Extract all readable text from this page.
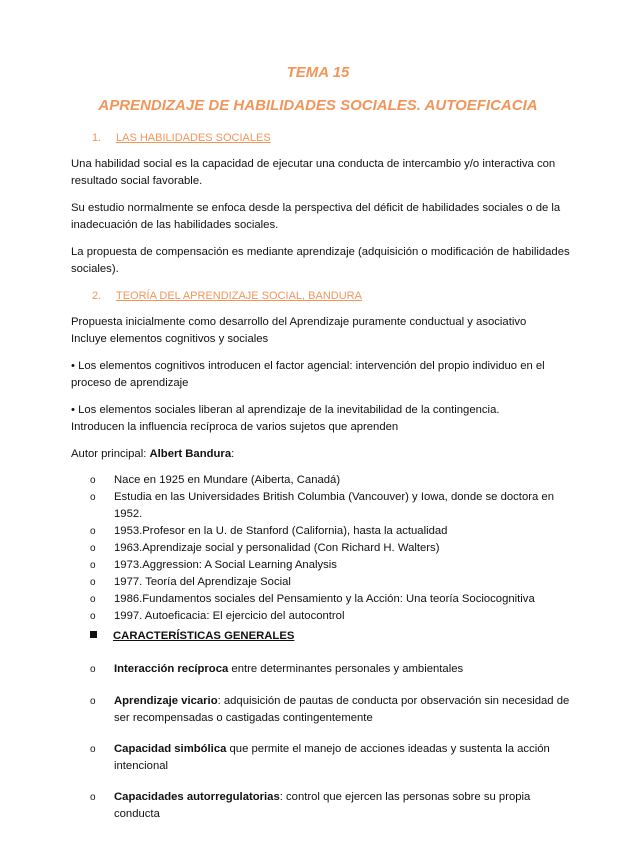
TEMA 15
APRENDIZAJE DE HABILIDADES SOCIALES. AUTOEFICACIA
1. LAS HABILIDADES SOCIALES

Una habilidad social es la capacidad de ejecutar una conducta de intercambio y/o interactiva con resultado social favorable.

Su estudio normalmente se enfoca desde la perspectiva del déficit de habilidades sociales o de la inadecuación de las habilidades sociales.

La propuesta de compensación es mediante aprendizaje (adquisición o modificación de habilidades sociales).

2. TEORÍA DEL APRENDIZAJE SOCIAL, BANDURA

Propuesta inicialmente como desarrollo del Aprendizaje puramente conductual y asociativo
Incluye elementos cognitivos y sociales

• Los elementos cognitivos introducen el factor agencial: intervención del propio individuo en el proceso de aprendizaje

• Los elementos sociales liberan al aprendizaje de la inevitabilidad de la contingencia.
Introducen la influencia recíproca de varios sujetos que aprenden

Autor principal: Albert Bandura:

o Nace en 1925 en Mundare (Aiberta, Canadá)
o Estudia en las Universidades British Columbia (Vancouver) y Iowa, donde se doctora en 1952.
o 1953.Profesor en la U. de Stanford (California), hasta la actualidad
o 1963.Aprendizaje social y personalidad (Con Richard H. Walters)
o 1973.Aggression: A Social Learning Analysis
o 1977. Teoría del Aprendizaje Social
o 1986.Fundamentos sociales del Pensamiento y la Acción: Una teoría Sociocognitiva
o 1997. Autoeficacia: El ejercicio del autocontrol
CARACTERÍSTICAS GENERALES
o Interacción recíproca entre determinantes personales y ambientales
o Aprendizaje vicario: adquisición de pautas de conducta por observación sin necesidad de ser recompensadas o castigadas contingentemente
o Capacidad simbólica que permite el manejo de acciones ideadas y sustenta la acción intencional
o Capacidades autorregulatorias: control que ejercen las personas sobre su propia conducta
